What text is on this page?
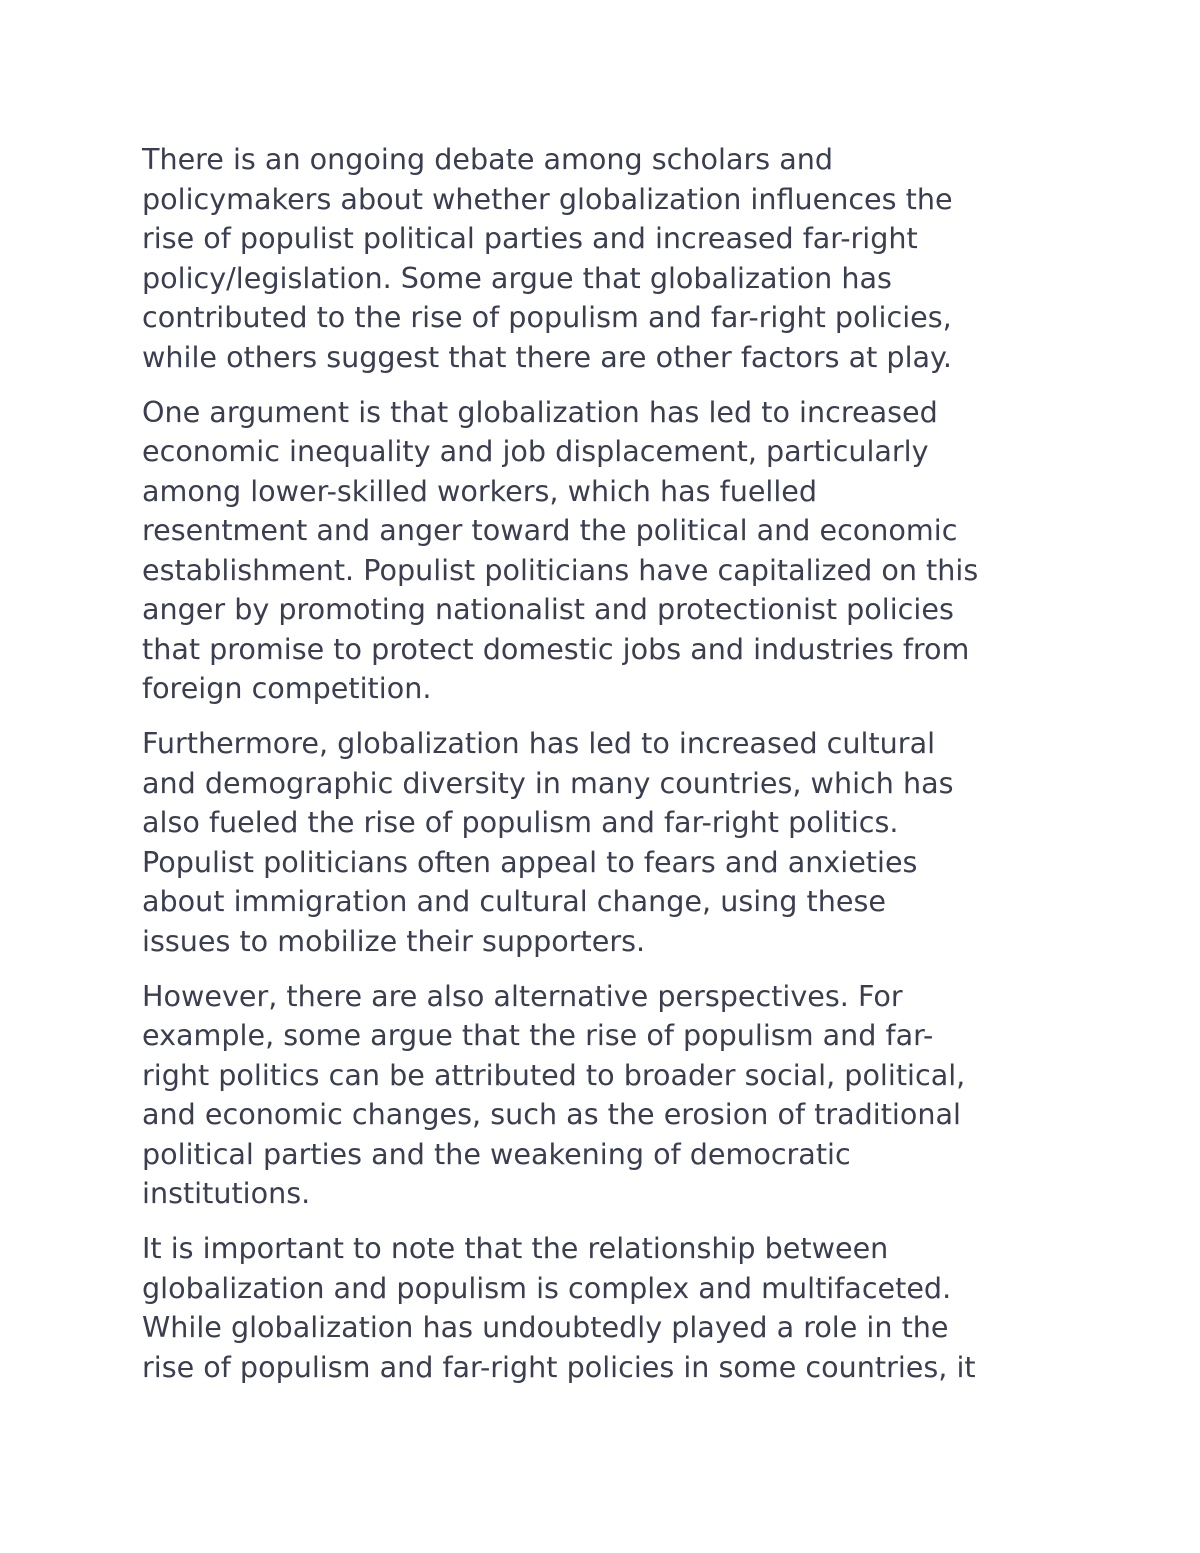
There is an ongoing debate among scholars and
policymakers about whether globalization influences the
rise of populist political parties and increased far-right
policy/legislation. Some argue that globalization has
contributed to the rise of populism and far-right policies,
while others suggest that there are other factors at play.

One argument is that globalization has led to increased
economic inequality and job displacement, particularly
among lower-skilled workers, which has fuelled
resentment and anger toward the political and economic
establishment. Populist politicians have capitalized on this
anger by promoting nationalist and protectionist policies
that promise to protect domestic jobs and industries from
foreign competition.

Furthermore, globalization has led to increased cultural
and demographic diversity in many countries, which has
also fueled the rise of populism and far-right politics.
Populist politicians often appeal to fears and anxieties
about immigration and cultural change, using these
issues to mobilize their supporters.

However, there are also alternative perspectives. For
example, some argue that the rise of populism and far-
right politics can be attributed to broader social, political,
and economic changes, such as the erosion of traditional
political parties and the weakening of democratic
institutions.

It is important to note that the relationship between
globalization and populism is complex and multifaceted.
While globalization has undoubtedly played a role in the
rise of populism and far-right policies in some countries, it
